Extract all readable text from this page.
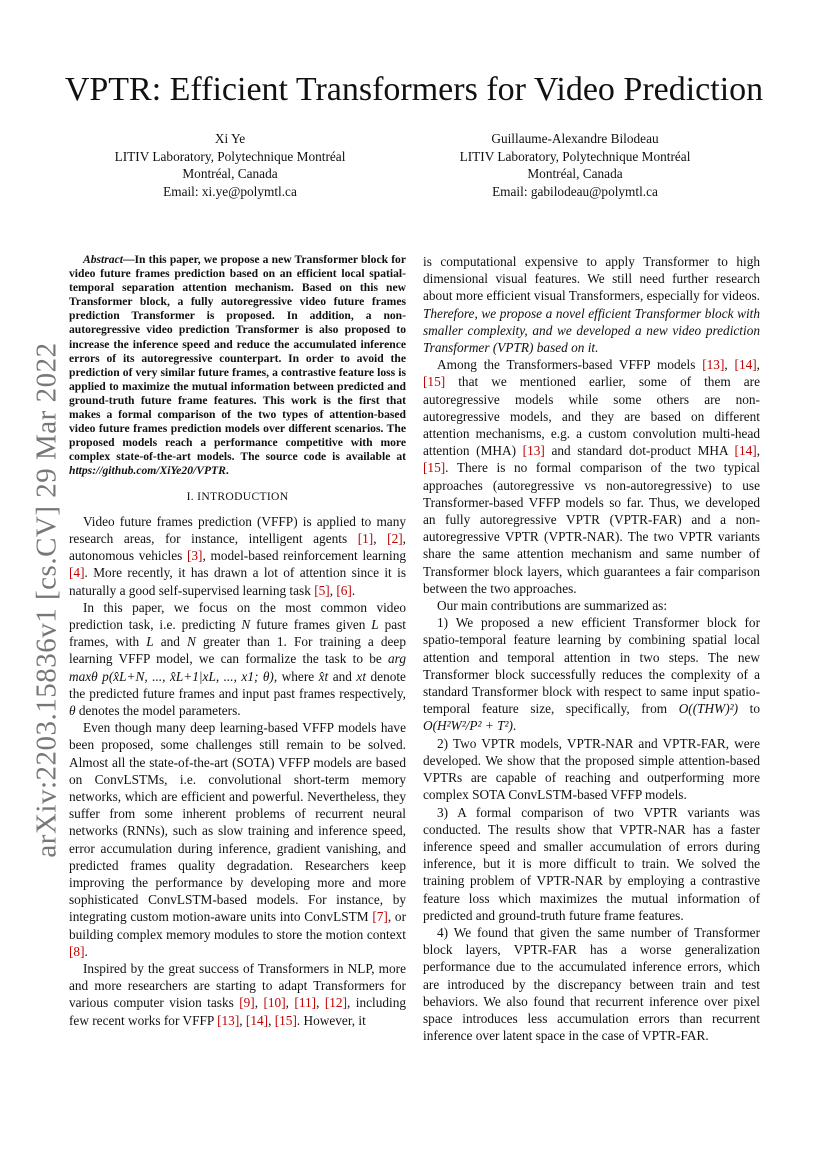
arXiv:2203.15836v1 [cs.CV] 29 Mar 2022
VPTR: Efficient Transformers for Video Prediction
Xi Ye
LITIV Laboratory, Polytechnique Montréal
Montréal, Canada
Email: xi.ye@polymtl.ca
Guillaume-Alexandre Bilodeau
LITIV Laboratory, Polytechnique Montréal
Montréal, Canada
Email: gabilodeau@polymtl.ca

Abstract—In this paper, we propose a new Transformer block for video future frames prediction based on an efficient local spatial-temporal separation attention mechanism. Based on this new Transformer block, a fully autoregressive video future frames prediction Transformer is proposed. In addition, a non-autoregressive video prediction Transformer is also proposed to increase the inference speed and reduce the accumulated inference errors of its autoregressive counterpart. In order to avoid the prediction of very similar future frames, a contrastive feature loss is applied to maximize the mutual information between predicted and ground-truth future frame features. This work is the first that makes a formal comparison of the two types of attention-based video future frames prediction models over different scenarios. The proposed models reach a performance competitive with more complex state-of-the-art models. The source code is available at https://github.com/XiYe20/VPTR.

I. INTRODUCTION

Video future frames prediction (VFFP) is applied to many research areas, for instance, intelligent agents [1], [2], autonomous vehicles [3], model-based reinforcement learning [4]. More recently, it has drawn a lot of attention since it is naturally a good self-supervised learning task [5], [6].

In this paper, we focus on the most common video prediction task, i.e. predicting N future frames given L past frames, with L and N greater than 1. For training a deep learning VFFP model, we can formalize the task to be arg maxθ p(x̂L+N, ..., x̂L+1|xL, ..., x1; θ), where x̂t and xt denote the predicted future frames and input past frames respectively, θ denotes the model parameters.

Even though many deep learning-based VFFP models have been proposed, some challenges still remain to be solved. Almost all the state-of-the-art (SOTA) VFFP models are based on ConvLSTMs, i.e. convolutional short-term memory networks, which are efficient and powerful. Nevertheless, they suffer from some inherent problems of recurrent neural networks (RNNs), such as slow training and inference speed, error accumulation during inference, gradient vanishing, and predicted frames quality degradation. Researchers keep improving the performance by developing more and more sophisticated ConvLSTM-based models. For instance, by integrating custom motion-aware units into ConvLSTM [7], or building complex memory modules to store the motion context [8].

Inspired by the great success of Transformers in NLP, more and more researchers are starting to adapt Transformers for various computer vision tasks [9], [10], [11], [12], including few recent works for VFFP [13], [14], [15]. However, it

is computational expensive to apply Transformer to high dimensional visual features. We still need further research about more efficient visual Transformers, especially for videos. Therefore, we propose a novel efficient Transformer block with smaller complexity, and we developed a new video prediction Transformer (VPTR) based on it.

Among the Transformers-based VFFP models [13], [14], [15] that we mentioned earlier, some of them are autoregressive models while some others are non-autoregressive models, and they are based on different attention mechanisms, e.g. a custom convolution multi-head attention (MHA) [13] and standard dot-product MHA [14], [15]. There is no formal comparison of the two typical approaches (autoregressive vs non-autoregressive) to use Transformer-based VFFP models so far. Thus, we developed an fully autoregressive VPTR (VPTR-FAR) and a non-autoregressive VPTR (VPTR-NAR). The two VPTR variants share the same attention mechanism and same number of Transformer block layers, which guarantees a fair comparison between the two approaches.

Our main contributions are summarized as:

1) We proposed a new efficient Transformer block for spatio-temporal feature learning by combining spatial local attention and temporal attention in two steps. The new Transformer block successfully reduces the complexity of a standard Transformer block with respect to same input spatio-temporal feature size, specifically, from O((THW)²) to O(H²W²/P² + T²).

2) Two VPTR models, VPTR-NAR and VPTR-FAR, were developed. We show that the proposed simple attention-based VPTRs are capable of reaching and outperforming more complex SOTA ConvLSTM-based VFFP models.

3) A formal comparison of two VPTR variants was conducted. The results show that VPTR-NAR has a faster inference speed and smaller accumulation of errors during inference, but it is more difficult to train. We solved the training problem of VPTR-NAR by employing a contrastive feature loss which maximizes the mutual information of predicted and ground-truth future frame features.

4) We found that given the same number of Transformer block layers, VPTR-FAR has a worse generalization performance due to the accumulated inference errors, which are introduced by the discrepancy between train and test behaviors. We also found that recurrent inference over pixel space introduces less accumulation errors than recurrent inference over latent space in the case of VPTR-FAR.
